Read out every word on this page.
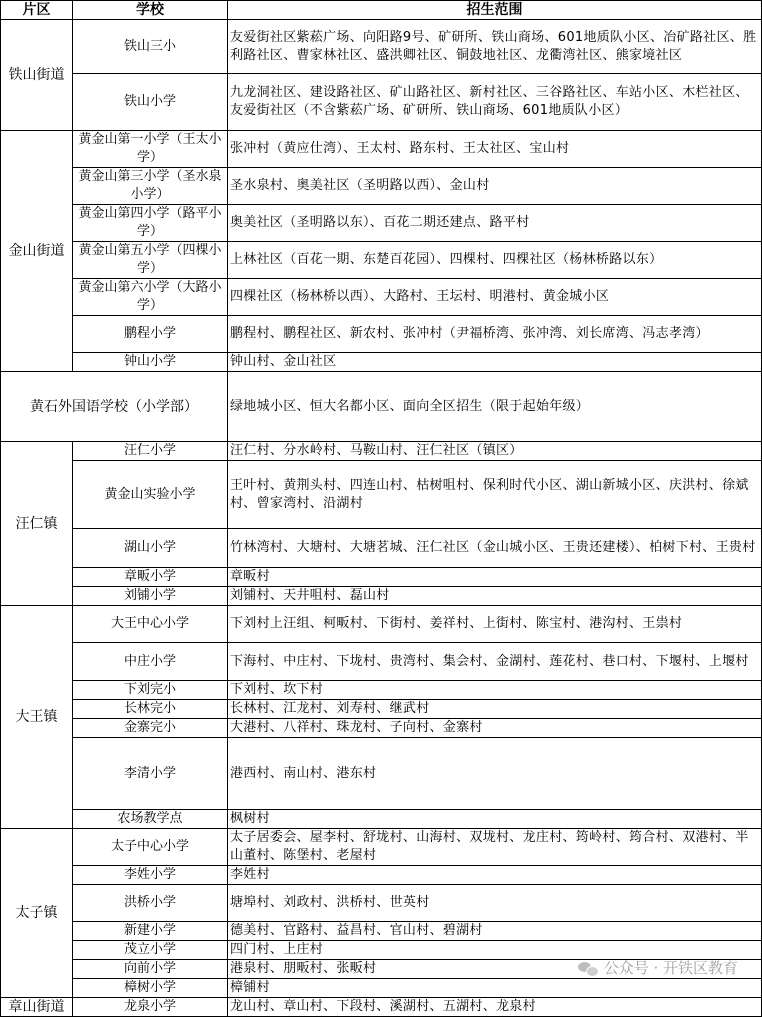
片区	学校	招生范围
铁山街道	铁山三小	友爱街社区紫菘广场、向阳路9号、矿研所、铁山商场、601地质队小区、冶矿路社区、胜利路社区、曹家林社区、盛洪卿社区、铜鼓地社区、龙衢湾社区、熊家境社区
	铁山小学	九龙洞社区、建设路社区、矿山路社区、新村社区、三谷路社区、车站小区、木栏社区、友爱街社区（不含紫菘广场、矿研所、铁山商场、601地质队小区）
金山街道	黄金山第一小学（王太小学）	张冲村（黄应仕湾）、王太村、路东村、王太社区、宝山村
	黄金山第三小学（圣水泉小学）	圣水泉村、奥美社区（圣明路以西）、金山村
	黄金山第四小学（路平小学）	奥美社区（圣明路以东）、百花二期还建点、路平村
	黄金山第五小学（四棵小学）	上林社区（百花一期、东楚百花园）、四棵村、四棵社区（杨林桥路以东）
	黄金山第六小学（大路小学）	四棵社区（杨林桥以西）、大路村、王坛村、明港村、黄金城小区
	鹏程小学	鹏程村、鹏程社区、新农村、张冲村（尹福桥湾、张冲湾、刘长席湾、冯志孝湾）
	钟山小学	钟山村、金山社区
黄石外国语学校（小学部）		绿地城小区、恒大名都小区、面向全区招生（限于起始年级）
汪仁镇	汪仁小学	汪仁村、分水岭村、马鞍山村、汪仁社区（镇区）
	黄金山实验小学	王叶村、黄荆头村、四连山村、枯树咀村、保利时代小区、湖山新城小区、庆洪村、徐斌村、曾家湾村、沿湖村
	湖山小学	竹林湾村、大塘村、大塘茗城、汪仁社区（金山城小区、王贵还建楼）、柏树下村、王贵村
	章畈小学	章畈村
	刘铺小学	刘铺村、天井咀村、磊山村
大王镇	大王中心小学	下刘村上汪组、柯畈村、下街村、姜祥村、上街村、陈宝村、港沟村、王祟村
	中庄小学	下海村、中庄村、下垅村、贵湾村、集会村、金湖村、莲花村、巷口村、下堰村、上堰村
	下刘完小	下刘村、坎下村
	长林完小	长林村、江龙村、刘寿村、继武村
	金寨完小	大港村、八祥村、珠龙村、子向村、金寨村
	李清小学	港西村、南山村、港东村
	农场教学点	枫树村
太子镇	太子中心小学	太子居委会、屋李村、舒垅村、山海村、双垅村、龙庄村、筠岭村、筠合村、双港村、半山董村、陈堡村、老屋村
	李姓小学	李姓村
	洪桥小学	塘埠村、刘政村、洪桥村、世英村
	新建小学	德美村、官路村、益昌村、官山村、碧湖村
	茂立小学	四门村、上庄村
	向前小学	港泉村、朋畈村、张畈村
	樟树小学	樟铺村
章山街道	龙泉小学	龙山村、章山村、下段村、溪湖村、五湖村、龙泉村
公众号 · 开铁区教育
